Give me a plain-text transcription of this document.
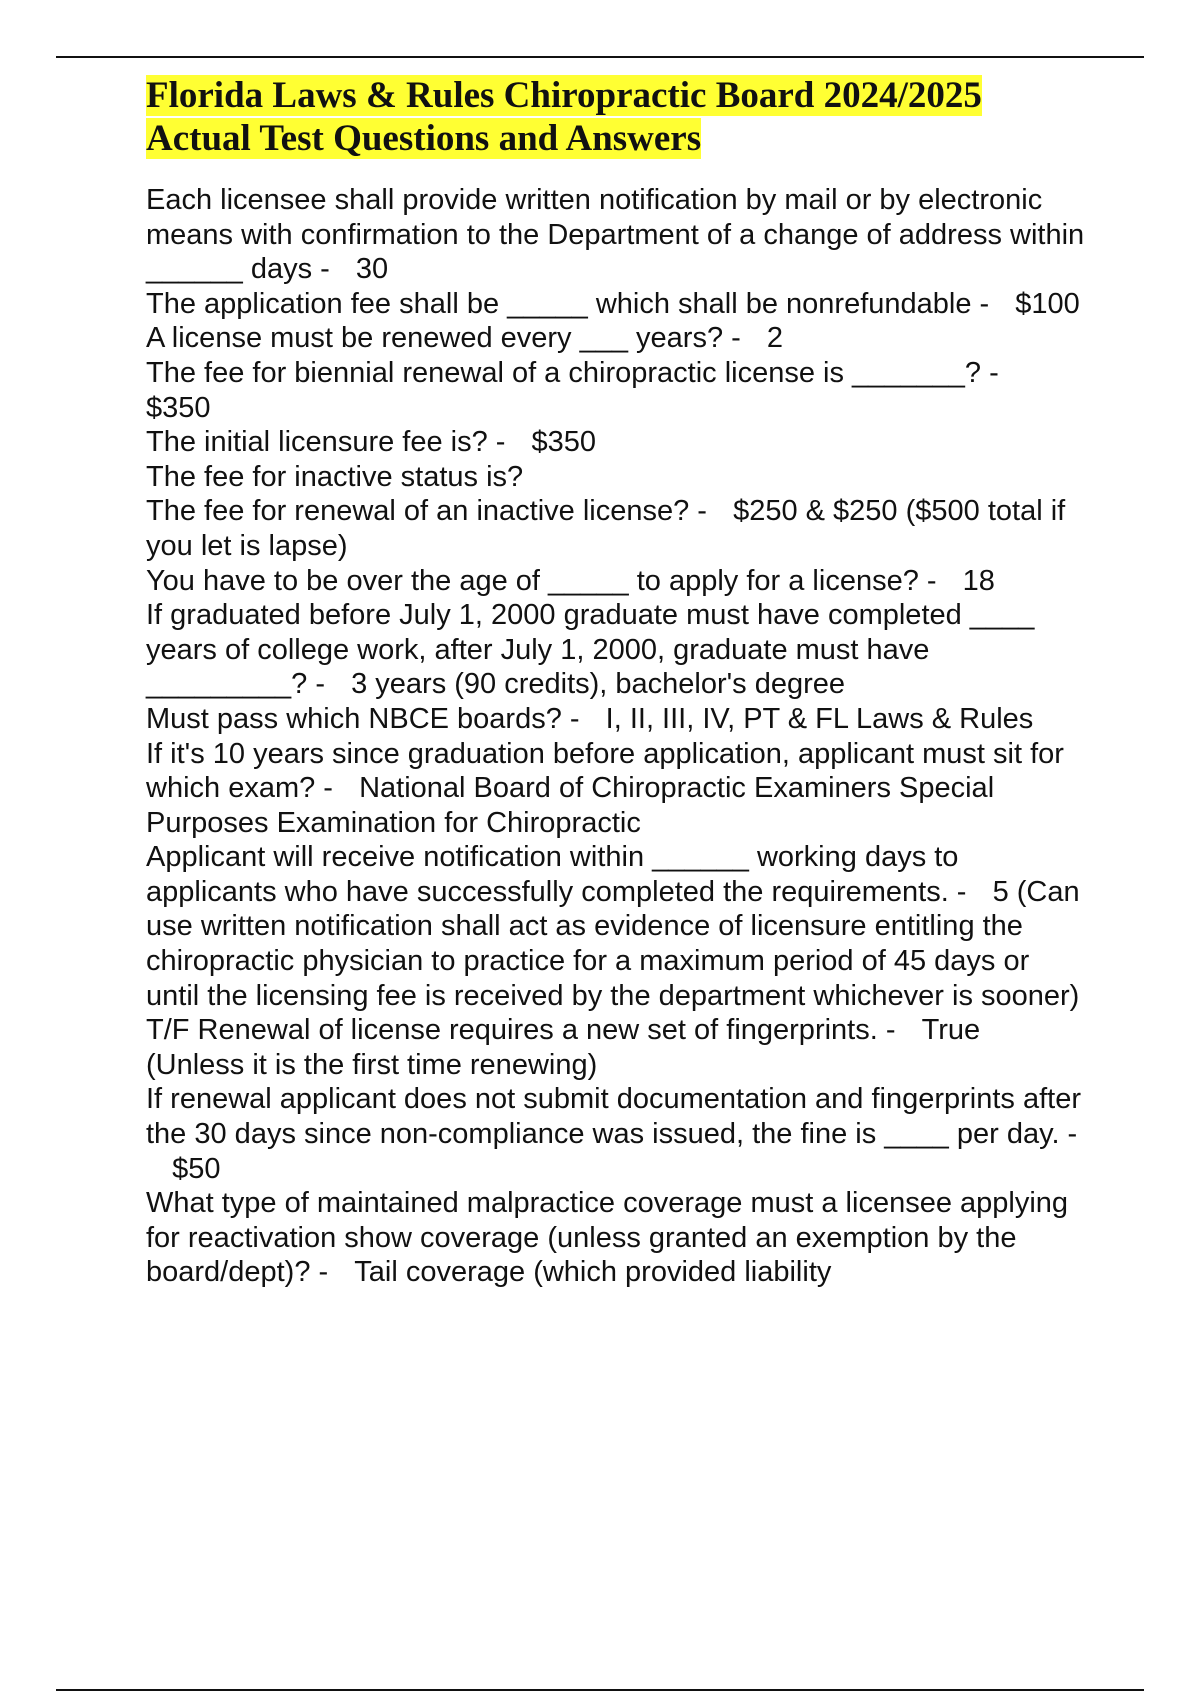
Florida Laws & Rules Chiropractic Board 2024/2025
Actual Test Questions and Answers

Each licensee shall provide written notification by mail or by electronic means with confirmation to the Department of a change of address within ______ days - 30

The application fee shall be _____ which shall be nonrefundable - $100

A license must be renewed every ___ years? - 2

The fee for biennial renewal of a chiropractic license is _______? -$350

The initial licensure fee is? - $350

The fee for inactive status is?

The fee for renewal of an inactive license? - $250 & $250 ($500 total if you let is lapse)

You have to be over the age of _____ to apply for a license? - 18

If graduated before July 1, 2000 graduate must have completed ____ years of college work, after July 1, 2000, graduate must have _________? - 3 years (90 credits), bachelor's degree

Must pass which NBCE boards? - I, II, III, IV, PT & FL Laws & Rules

If it's 10 years since graduation before application, applicant must sit for which exam? - National Board of Chiropractic Examiners Special Purposes Examination for Chiropractic

Applicant will receive notification within ______ working days to applicants who have successfully completed the requirements. - 5 (Can use written notification shall act as evidence of licensure entitling the chiropractic physician to practice for a maximum period of 45 days or until the licensing fee is received by the department whichever is sooner)

T/F Renewal of license requires a new set of fingerprints. - True (Unless it is the first time renewing)

If renewal applicant does not submit documentation and fingerprints after the 30 days since non-compliance was issued, the fine is ____ per day. -$50

What type of maintained malpractice coverage must a licensee applying for reactivation show coverage (unless granted an exemption by the board/dept)? - Tail coverage (which provided liability
